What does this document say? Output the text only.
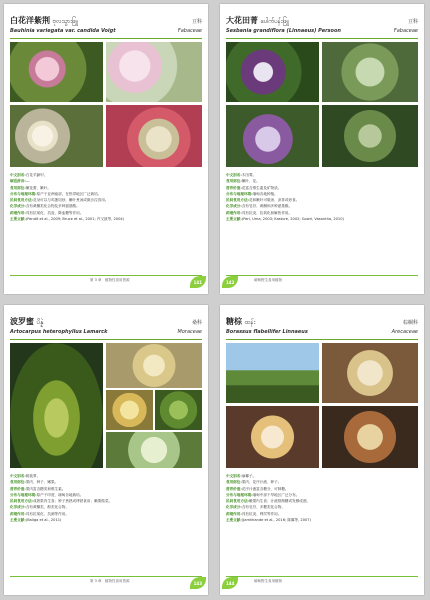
白花洋紫荆 ဗုလသွားဖြူ	豆科
Bauhinia variegata var. candida Voigt	Fabaceae
中文别名:白花羊蹄甲。
缅语拼音:—
食用部位:嫩花蕾、嫩叶。
分布与地理环境:原产于亚洲南部，在热带地区广泛栽培。
民间食用方法:花朵可以与鸡蛋同炒，嫩叶煮汤或做沙拉食用。
化学成分:含有黄酮类化合物及多种氨基酸。
药理作用:具有抗氧化、抗炎、降血糖等作用。
主要文献:(Pandit et al., 2009; Bruce et al., 2001; 许又凯等, 2004)
第 3 章　植物性食用资源	141
大花田菁 ပေါက်ပန်းဖြူ	豆科
Sesbania grandiflora (Linnaeus) Persoon	Fabaceae
中文别名:木田菁。
食用部位:嫩叶、花。
营养价值:花富含维生素及矿物质。
分布与地理环境:缅甸各地种植。
民间食用方法:花和嫩叶可做汤、凉拌或炒食。
化学成分:含有皂苷、黄酮和多种氨基酸。
药理作用:具有抗炎、抗氧化和解热作用。
主要文献:(Pari, Uma, 2003; Kasture, 2002; Gowri, Vasantha, 2010)
缅甸野生食用植物
142
波罗蜜 ပိန္နဲ	桑科
Artocarpus heterophyllus Lamarck	Moraceae
中文别名:树菠萝。
食用部位:果肉、种子、嫩果。
营养价值:果肉富含糖类和维生素。
分布与地理环境:原产于印度，缅甸各地栽培。
民间食用方法:成熟果肉生食；种子煮熟或烤熟食用；嫩果做菜。
化学成分:含有黄酮类、酚类化合物。
药理作用:具有抗氧化、抗菌等作用。
主要文献:(Baliga et al., 2011)
第 3 章　植物性食用资源	143
糖棕 ထန်း	棕榈科
Borassus flabellifer Linnaeus	Arecaceae
中文别名:扇椰子。
食用部位:果肉、花序汁液、种子。
营养价值:花序汁液富含糖分，可制糖。
分布与地理环境:缅甸中部干旱地区广泛分布。
民间食用方法:嫩果肉生食；汁液熬制糖或发酵成酒。
化学成分:含有皂苷、多糖类化合物。
药理作用:具有抗炎、利尿等作用。
主要文献:(Jamkhande et al., 2016; 陈冀等, 2007)
缅甸野生食用植物
144
